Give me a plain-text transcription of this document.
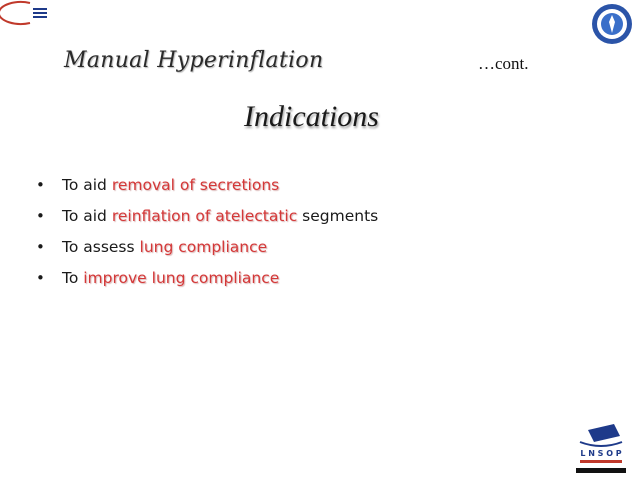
Manual Hyperinflation	…cont.
Indications
• To aid removal of secretions
• To aid reinflation of atelectatic segments
• To assess lung compliance
• To improve lung compliance
L N S O P
